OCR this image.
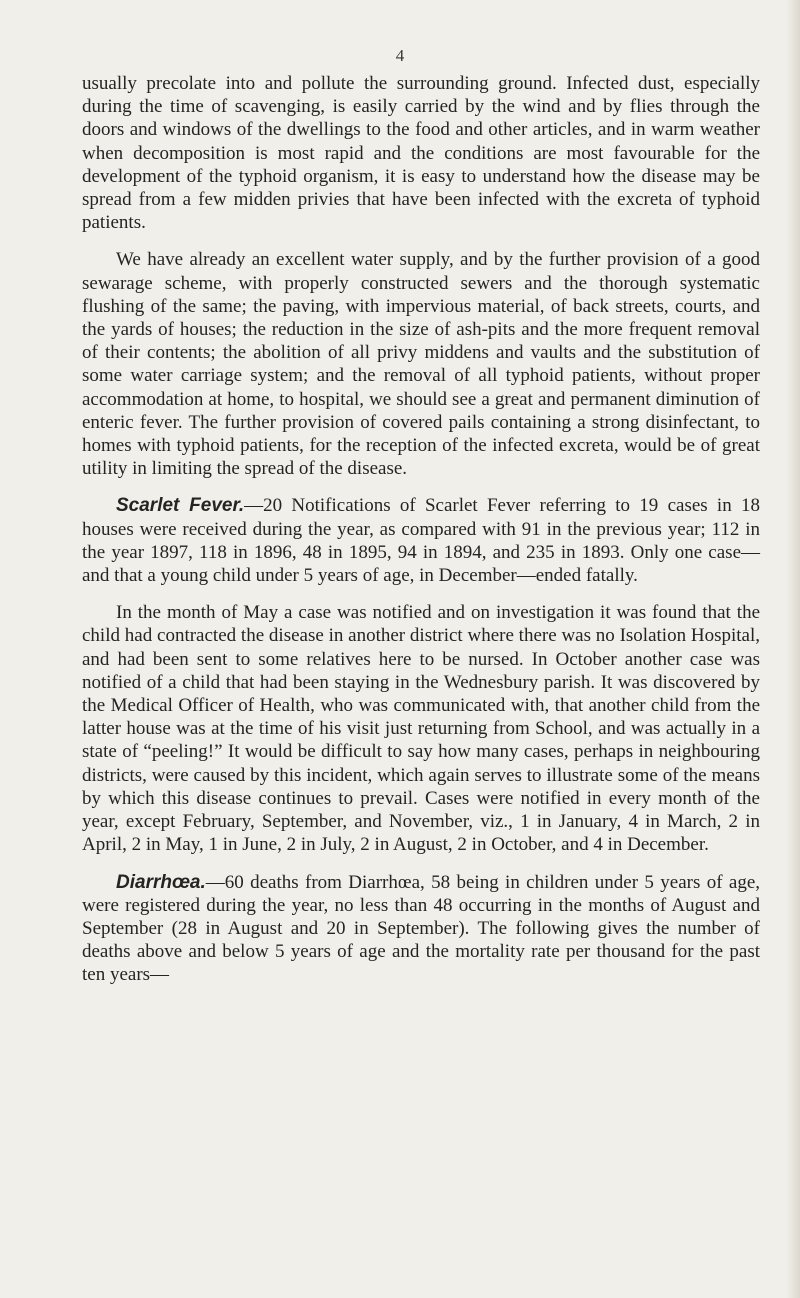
4

usually precolate into and pollute the surrounding ground. Infected dust, especially during the time of scavenging, is easily carried by the wind and by flies through the doors and windows of the dwellings to the food and other articles, and in warm weather when decomposition is most rapid and the conditions are most favourable for the development of the typhoid organism, it is easy to understand how the disease may be spread from a few midden privies that have been infected with the excreta of typhoid patients.

We have already an excellent water supply, and by the further provision of a good sewarage scheme, with properly constructed sewers and the thorough systematic flushing of the same; the paving, with impervious material, of back streets, courts, and the yards of houses; the reduction in the size of ash-pits and the more frequent removal of their contents; the abolition of all privy middens and vaults and the substitution of some water carriage system; and the removal of all typhoid patients, without proper accommodation at home, to hospital, we should see a great and permanent diminution of enteric fever. The further provision of covered pails containing a strong disinfectant, to homes with typhoid patients, for the reception of the infected excreta, would be of great utility in limiting the spread of the disease.

Scarlet Fever.—20 Notifications of Scarlet Fever referring to 19 cases in 18 houses were received during the year, as compared with 91 in the previous year; 112 in the year 1897, 118 in 1896, 48 in 1895, 94 in 1894, and 235 in 1893. Only one case—and that a young child under 5 years of age, in December—ended fatally.

In the month of May a case was notified and on investigation it was found that the child had contracted the disease in another district where there was no Isolation Hospital, and had been sent to some relatives here to be nursed. In October another case was notified of a child that had been staying in the Wednesbury parish. It was discovered by the Medical Officer of Health, who was communicated with, that another child from the latter house was at the time of his visit just returning from School, and was actually in a state of “peeling!” It would be difficult to say how many cases, perhaps in neighbouring districts, were caused by this incident, which again serves to illustrate some of the means by which this disease continues to prevail. Cases were notified in every month of the year, except February, September, and November, viz., 1 in January, 4 in March, 2 in April, 2 in May, 1 in June, 2 in July, 2 in August, 2 in October, and 4 in December.

Diarrhœa.—60 deaths from Diarrhœa, 58 being in children under 5 years of age, were registered during the year, no less than 48 occurring in the months of August and September (28 in August and 20 in September). The following gives the number of deaths above and below 5 years of age and the mortality rate per thousand for the past ten years—
